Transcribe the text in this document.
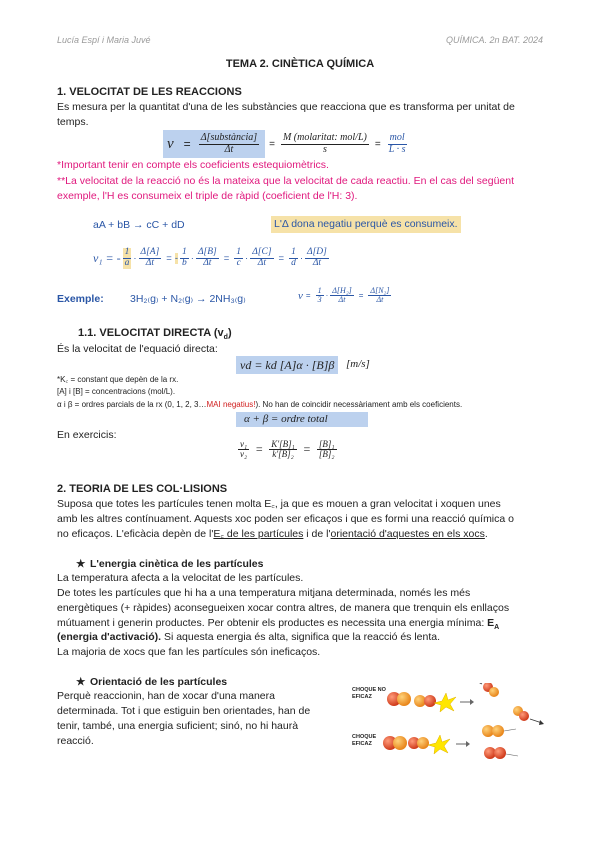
Lucía Espí i Maria Juvé	QUÍMICA. 2n BAT. 2024
TEMA 2. CINÈTICA QUÍMICA
1. VELOCITAT DE LES REACCIONS
Es mesura per la quantitat d'una de les substàncies que reacciona que es transforma per unitat de
temps.
$v = \frac{\text{Δ[substància]}}{\Delta t} = \frac{\text{M (molaritat: mol/L)}}{s} = \frac{\text{mol}}{L \cdot s}$
*Important tenir en compte els coeficients estequiomètrics.
**La velocitat de la reacció no és la mateixa que la velocitat de cada reactiu. En el cas del següent
exemple, l'H es consumeix el triple de ràpid (coeficient de l'H: 3).
aA + bB → cC + dD	L'Δ dona negatiu perquè es consumeix.
v₁ = - $\frac{1}{a} \cdot \frac{\Delta[A]}{\Delta t}$ = - $\frac{1}{b} \cdot \frac{\Delta[B]}{\Delta t} = \frac{1}{c} \cdot \frac{\Delta[C]}{\Delta t} = \frac{1}{d} \cdot \frac{\Delta[D]}{\Delta t}$
Exemple:	3H₂₍g₎ + N₂₍g₎ → 2NH₃₍g₎	$v = \frac{1}{3} \cdot \frac{\text{Δ[H₂]}}{\Delta t} = \frac{\text{Δ[N₂]}}{\Delta t}$
1.1. VELOCITAT DIRECTA $(v_d)$
És la velocitat de l'equació directa:
vd = kd [A]α · [B]β	[m/s]
*K꜀ = constant que depèn de la rx.
[A] i [B] = concentracions (mol/L).
α i β = ordres parcials de la rx (0, 1, 2, 3…MAI negatius!). No han de coincidir necessàriament amb els coeficients.
α + β = ordre total
En exercicis:
$\frac{\text{v₁}}{\text{v₂}} = \frac{\text{K'[B]₁}}{\text{k'[B]₂}} = \frac{\text{[B]₁}}{\text{[B]₂}}$
2. TEORIA DE LES COL·LISIONS
Suposa que totes les partícules tenen molta E꜀, ja que es mouen a gran velocitat i xoquen unes
amb les altres contínuament. Aquests xoc poden ser eficaços i que es formi una reacció química o
no eficaços. L'eficàcia depèn de l'E꜀ de les partícules i de l'orientació d'aquestes en els xocs.
★ L'energia cinètica de les partícules
La temperatura afecta a la velocitat de les partícules.
De totes les partícules que hi ha a una temperatura mitjana determinada, només les més
energètiques (+ ràpides) aconsegueixen xocar contra altres, de manera que trenquin els enllaços
mútuament i generin productes. Per obtenir els productes es necessita una energia mínima: $E_A$
(energia d'activació). Si aquesta energia és alta, significa que la reacció és lenta.
La majoria de xocs que fan les partícules són ineficaços.
★ Orientació de les partícules
Perquè reaccionin, han de xocar d'una manera
determinada. Tot i que estiguin ben orientades, han de
tenir, també, una energia suficient; sinó, no hi haurà
reacció.
CHOQUE NO EFICAZ
CHOQUE EFICAZ
